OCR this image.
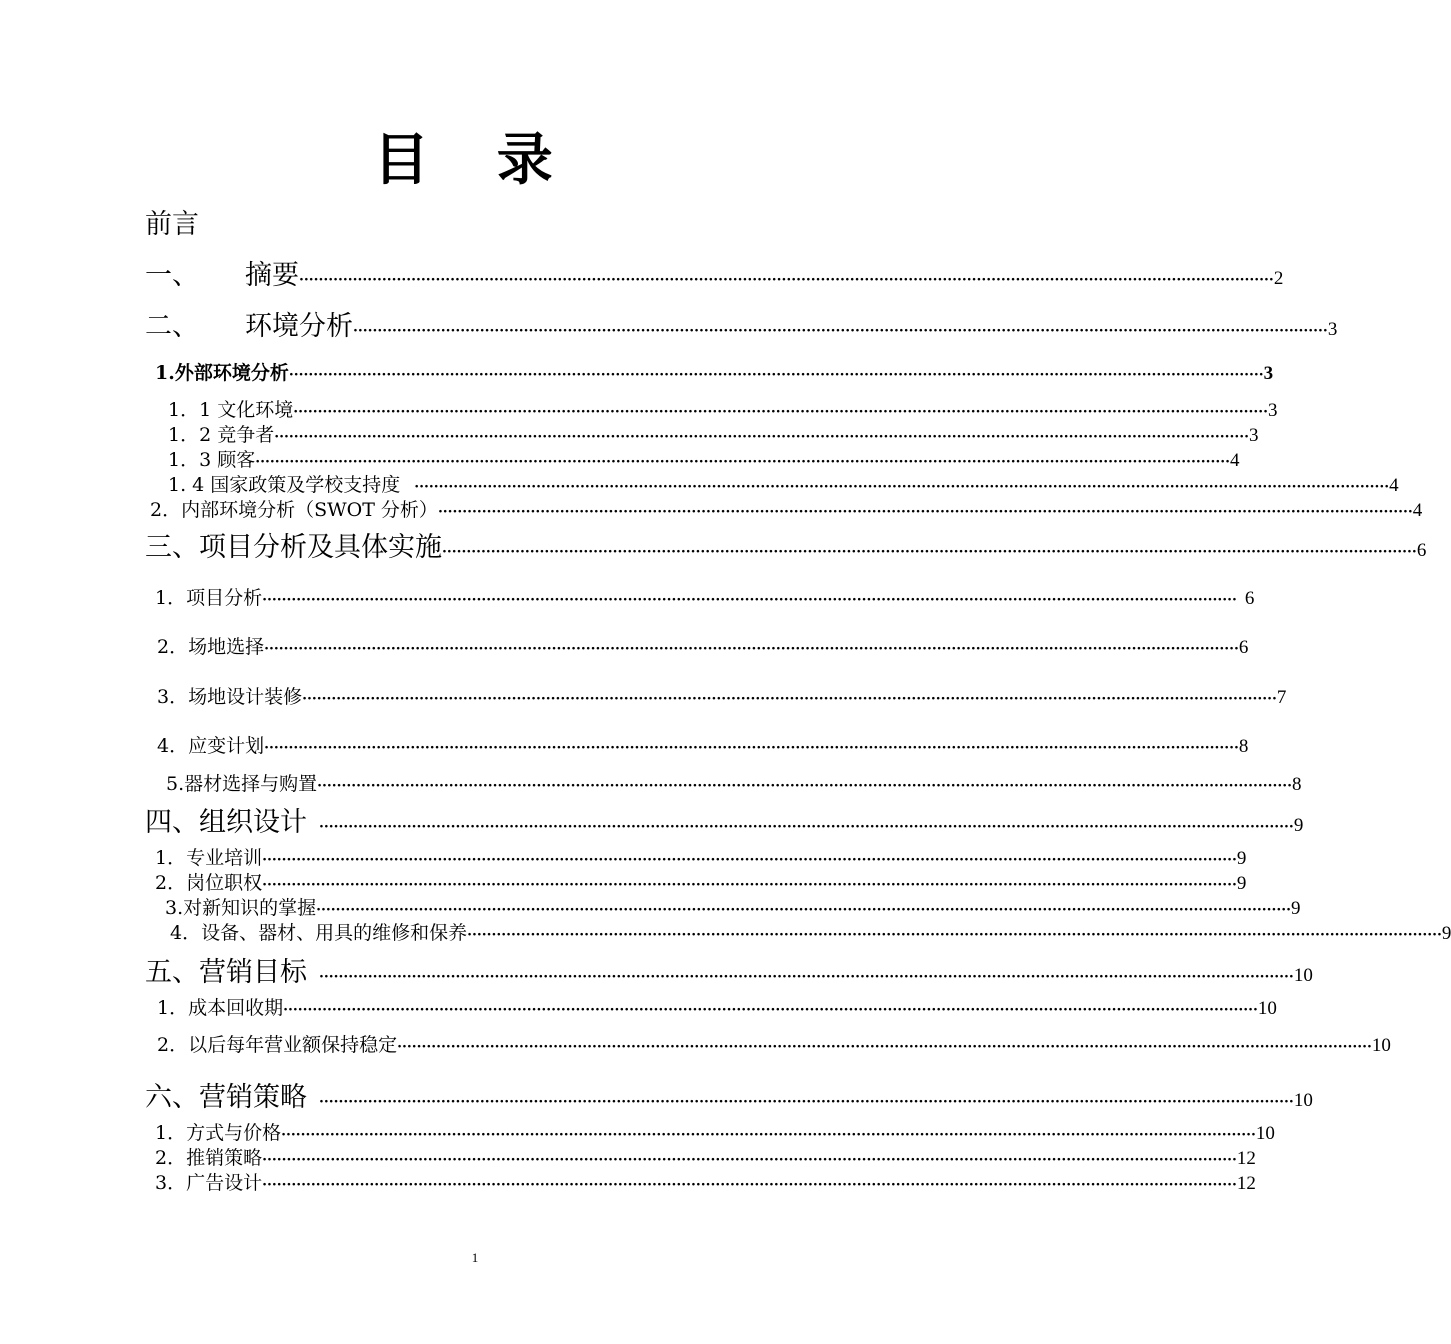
目 录
前言
一、	摘要 ········································································································································································································ 2
二、	环境分析 ········································································································································································································ 3
1.外部环境分析 ········································································································································································································ 3
1．1 文化环境 ········································································································································································································ 3
1．2 竞争者 ········································································································································································································ 3
1．3 顾客 ········································································································································································································ 4
1. 4 国家政策及学校支持度 ········································································································································································································ 4
2．内部环境分析（SWOT 分析） ········································································································································································································ 4
三、项目分析及具体实施 ········································································································································································································ 6
1．项目分析 ········································································································································································································ 6
2．场地选择 ········································································································································································································ 6
3．场地设计装修 ········································································································································································································ 7
4．应变计划 ········································································································································································································ 8
5.器材选择与购置 ········································································································································································································ 8
四、组织设计 ········································································································································································································ 9
1．专业培训 ········································································································································································································ 9
2．岗位职权 ········································································································································································································ 9
3.对新知识的掌握 ········································································································································································································ 9
4．设备、器材、用具的维修和保养 ········································································································································································································ 9
五、营销目标 ········································································································································································································ 10
1．成本回收期 ········································································································································································································ 10
2．以后每年营业额保持稳定 ········································································································································································································ 10
六、营销策略 ········································································································································································································ 10
1．方式与价格 ········································································································································································································ 10
2．推销策略 ········································································································································································································ 12
3．广告设计 ········································································································································································································ 12
1
